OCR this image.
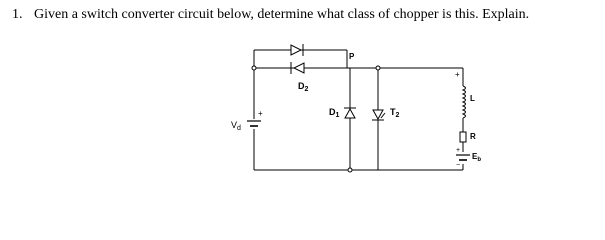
1. Given a switch converter circuit below, determine what class of chopper is this. Explain.

P
$D_2$
$D_1$	$T_2$
+
$V_d$
+
L
R
+
−
$E_b$
